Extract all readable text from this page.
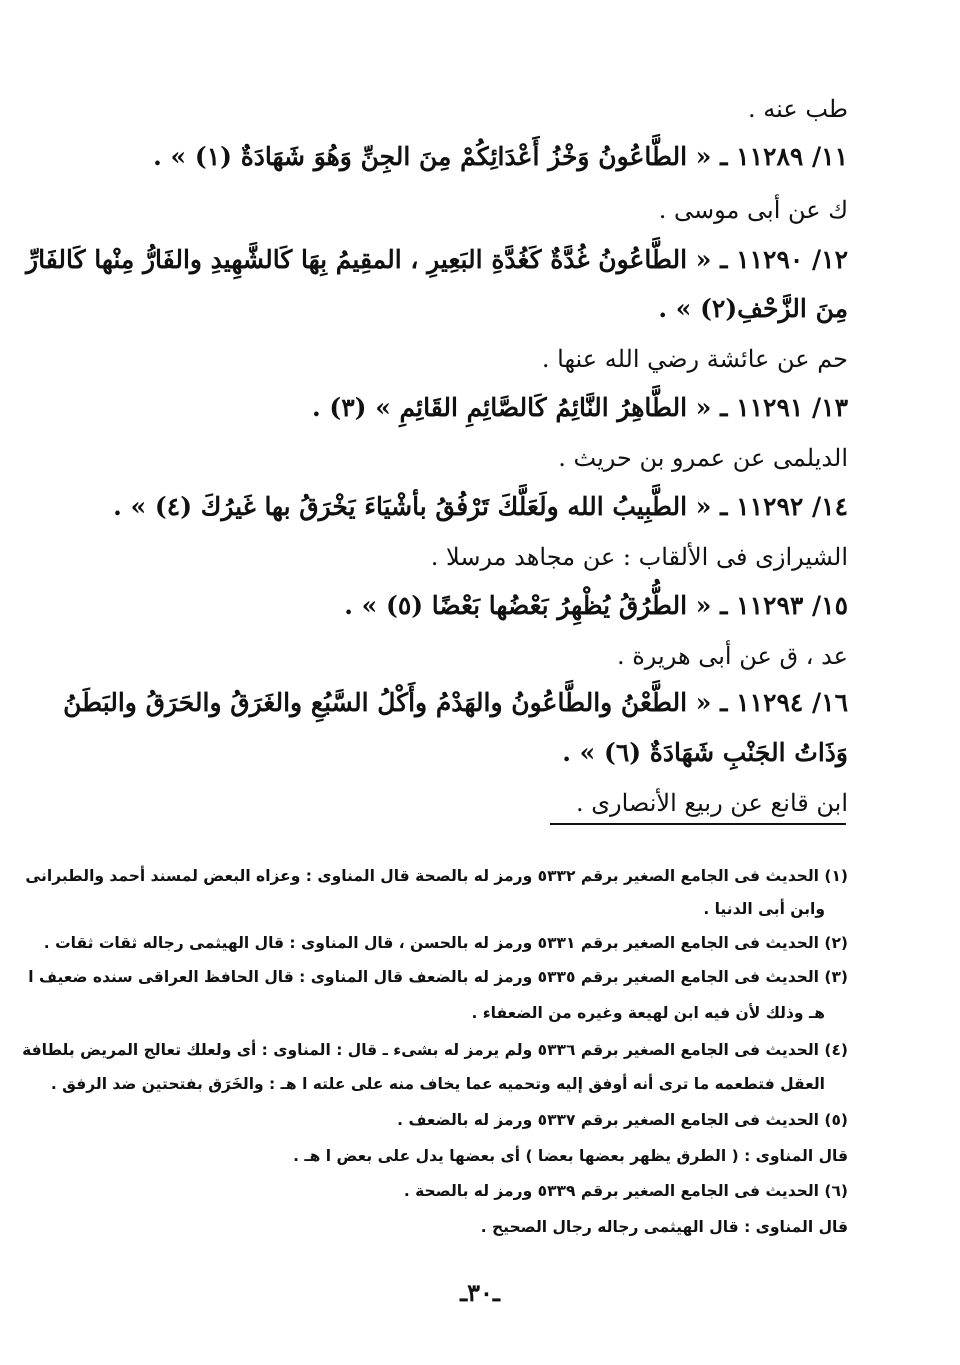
طب عنه .
١١/ ١١٢٨٩ ـ « الطَّاعُونُ وَخْزُ أَعْدَائِكُمْ مِنَ الجِنِّ وَهُوَ شَهَادَةٌ (١) » .
ك عن أبى موسى .
١٢/ ١١٢٩٠ ـ « الطَّاعُونُ غُدَّةٌ كَغُدَّةِ البَعِيرِ ، المقِيمُ بِهَا كَالشَّهِيدِ والفَارُّ مِنْها كَالفَارِّ
مِنَ الزَّحْفِ(٢) » .
حم عن عائشة رضي الله عنها .
١٣/ ١١٢٩١ ـ « الطَّاهِرُ النَّائِمُ كَالصَّائِمِ القَائِمِ » (٣) .
الديلمى عن عمرو بن حريث .
١٤/ ١١٢٩٢ ـ « الطَّبِيبُ الله ولَعَلَّكَ تَرْفُقُ بأشْيَاءَ يَخْرَقُ بها غَيرُكَ (٤) » .
الشيرازى فى الألقاب : عن مجاهد مرسلا .
١٥/ ١١٢٩٣ ـ « الطُّرُقُ يُظْهِرُ بَعْضُها بَعْضًا (٥) » .
عد ، ق عن أبى هريرة .
١٦/ ١١٢٩٤ ـ « الطَّعْنُ والطَّاعُونُ والهَدْمُ وأَكْلُ السَّبُعِ والغَرَقُ والحَرَقُ والبَطَنُ
وَذَاتُ الجَنْبِ شَهَادَةٌ (٦) » .
ابن قانع عن ربيع الأنصارى .
(١) الحديث فى الجامع الصغير برقم ٥٣٣٢ ورمز له بالصحة قال المناوى : وعزاه البعض لمسند أحمد والطبرانى
وابن أبى الدنيا .
(٢) الحديث فى الجامع الصغير برقم ٥٣٣١ ورمز له بالحسن ، قال المناوى : قال الهيثمى رجاله ثقات ثقات .
(٣) الحديث فى الجامع الصغير برقم ٥٣٣٥ ورمز له بالضعف قال المناوى : قال الحافظ العراقى سنده ضعيف ا
هـ وذلك لأن فيه ابن لهيعة وغيره من الضعفاء .
(٤) الحديث فى الجامع الصغير برقم ٥٣٣٦ ولم يرمز له بشىء ـ قال : المناوى : أى ولعلك تعالج المريض بلطافة
العقل فتطعمه ما ترى أنه أوفق إليه وتحميه عما يخاف منه على علته ا هـ : والخَرَق بفتحتين ضد الرفق .
(٥) الحديث فى الجامع الصغير برقم ٥٣٣٧ ورمز له بالضعف .
قال المناوى : ( الطرق يظهر بعضها بعضا ) أى بعضها يدل على بعض ا هـ .
(٦) الحديث فى الجامع الصغير برقم ٥٣٣٩ ورمز له بالصحة .
قال المناوى : قال الهيثمى رجاله رجال الصحيح .
ـ٣٠ـ
